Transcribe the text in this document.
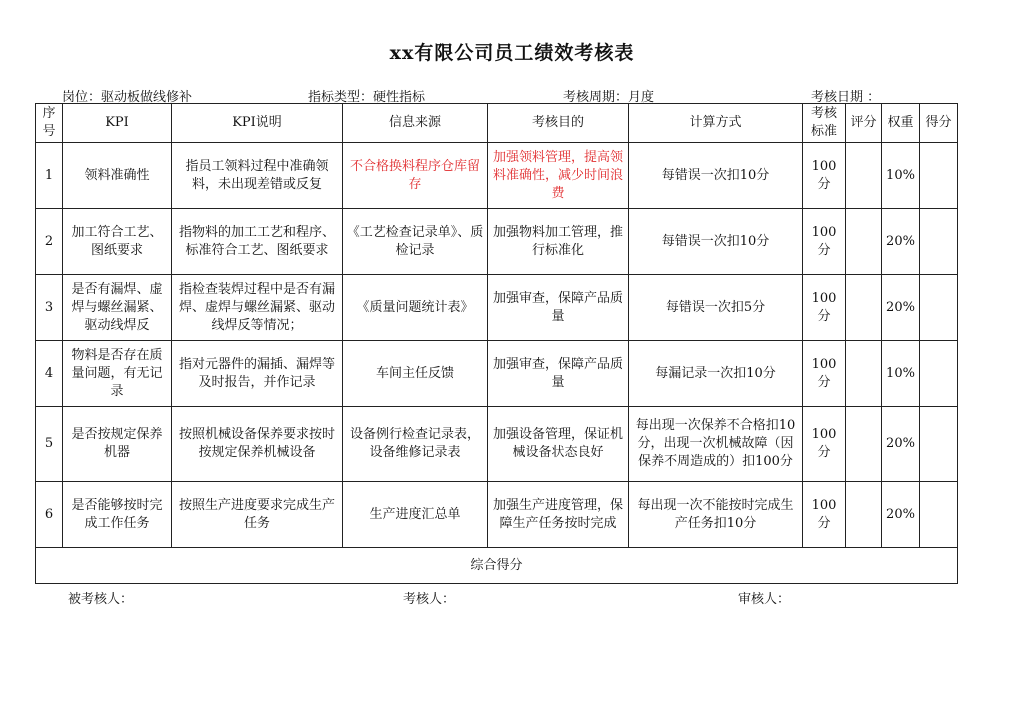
xx有限公司员工绩效考核表
岗位：驱动板做线修补	指标类型：硬性指标	考核周期：月度	考核日期 ：
序号	KPI	KPI说明	信息来源	考核目的	计算方式	考核标准	评分	权重	得分
1	领料准确性	指员工领料过程中准确领料，未出现差错或反复	不合格换料程序仓库留存	加强领料管理，提高领料准确性，减少时间浪费	每错误一次扣10分	100分		10%	
2	加工符合工艺、图纸要求	指物料的加工工艺和程序、标准符合工艺、图纸要求	《工艺检查记录单》、质检记录	加强物料加工管理，推行标准化	每错误一次扣10分	100分		20%	
3	是否有漏焊、虚焊与螺丝漏紧、驱动线焊反	指检查装焊过程中是否有漏焊、虚焊与螺丝漏紧、驱动线焊反等情况；	《质量问题统计表》	加强审查，保障产品质量	每错误一次扣5分	100分		20%	
4	物料是否存在质量问题，有无记录	指对元器件的漏插、漏焊等及时报告，并作记录	车间主任反馈	加强审查，保障产品质量	每漏记录一次扣10分	100分		10%	
5	是否按规定保养机器	按照机械设备保养要求按时按规定保养机械设备	设备例行检查记录表，设备维修记录表	加强设备管理，保证机械设备状态良好	每出现一次保养不合格扣10分，出现一次机械故障（因保养不周造成的）扣100分	100分		20%	
6	是否能够按时完成工作任务	按照生产进度要求完成生产任务	生产进度汇总单	加强生产进度管理，保障生产任务按时完成	每出现一次不能按时完成生产任务扣10分	100分		20%	
综合得分									
被考核人：	考核人：	审核人：
